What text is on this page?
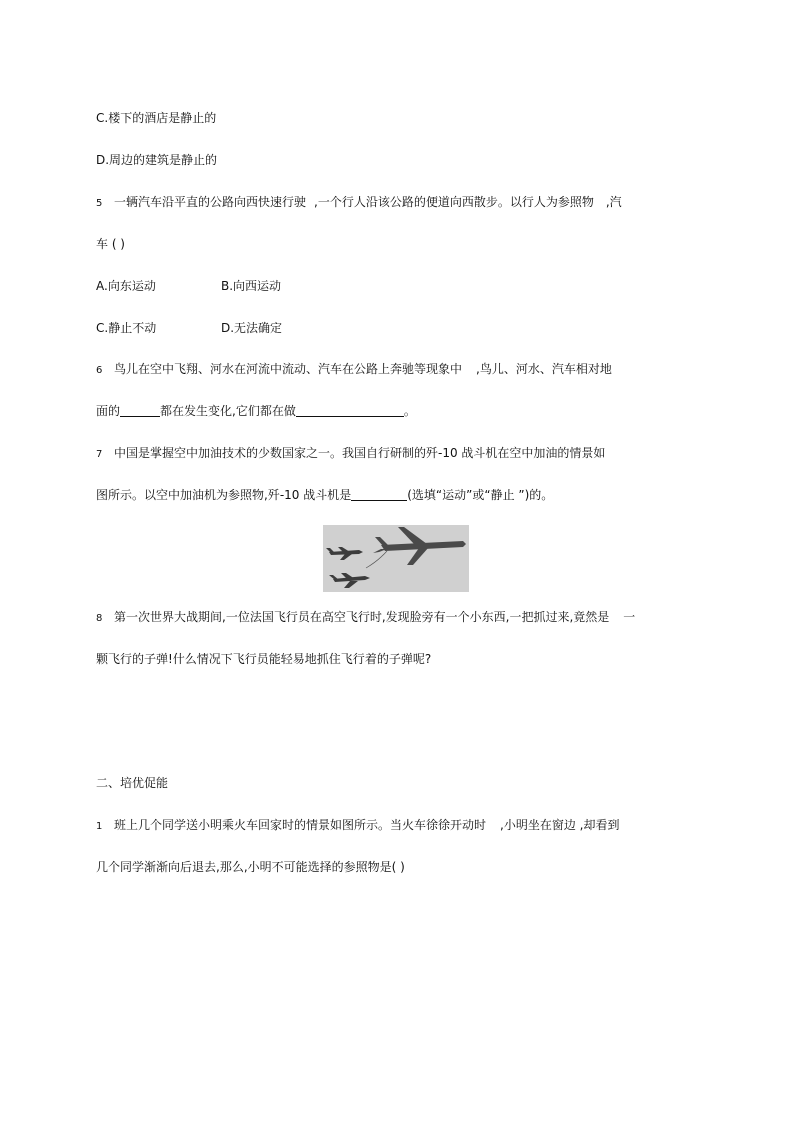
C.楼下的酒店是静止的
D.周边的建筑是静止的
5 一辆汽车沿平直的公路向西快速行驶 ,一个行人沿该公路的便道向西散步。以行人为参照物 ,汽
车 ( )
A.向东运动	B.向西运动
C.静止不动	D.无法确定
6 鸟儿在空中飞翔、河水在河流中流动、汽车在公路上奔驰等现象中 ,鸟儿、河水、汽车相对地
面的	都在发生变化,它们都在做	。
7 中国是掌握空中加油技术的少数国家之一。我国自行研制的歼-10 战斗机在空中加油的情景如
图所示。以空中加油机为参照物,歼-10 战斗机是	(选填“运动”或“静止 ”)的。
8 第一次世界大战期间,一位法国飞行员在高空飞行时,发现脸旁有一个小东西,一把抓过来,竟然是 一
颗飞行的子弹!什么情况下飞行员能轻易地抓住飞行着的子弹呢?
二、培优促能
1 班上几个同学送小明乘火车回家时的情景如图所示。当火车徐徐开动时 ,小明坐在窗边 ,却看到
几个同学渐渐向后退去,那么,小明不可能选择的参照物是( )
